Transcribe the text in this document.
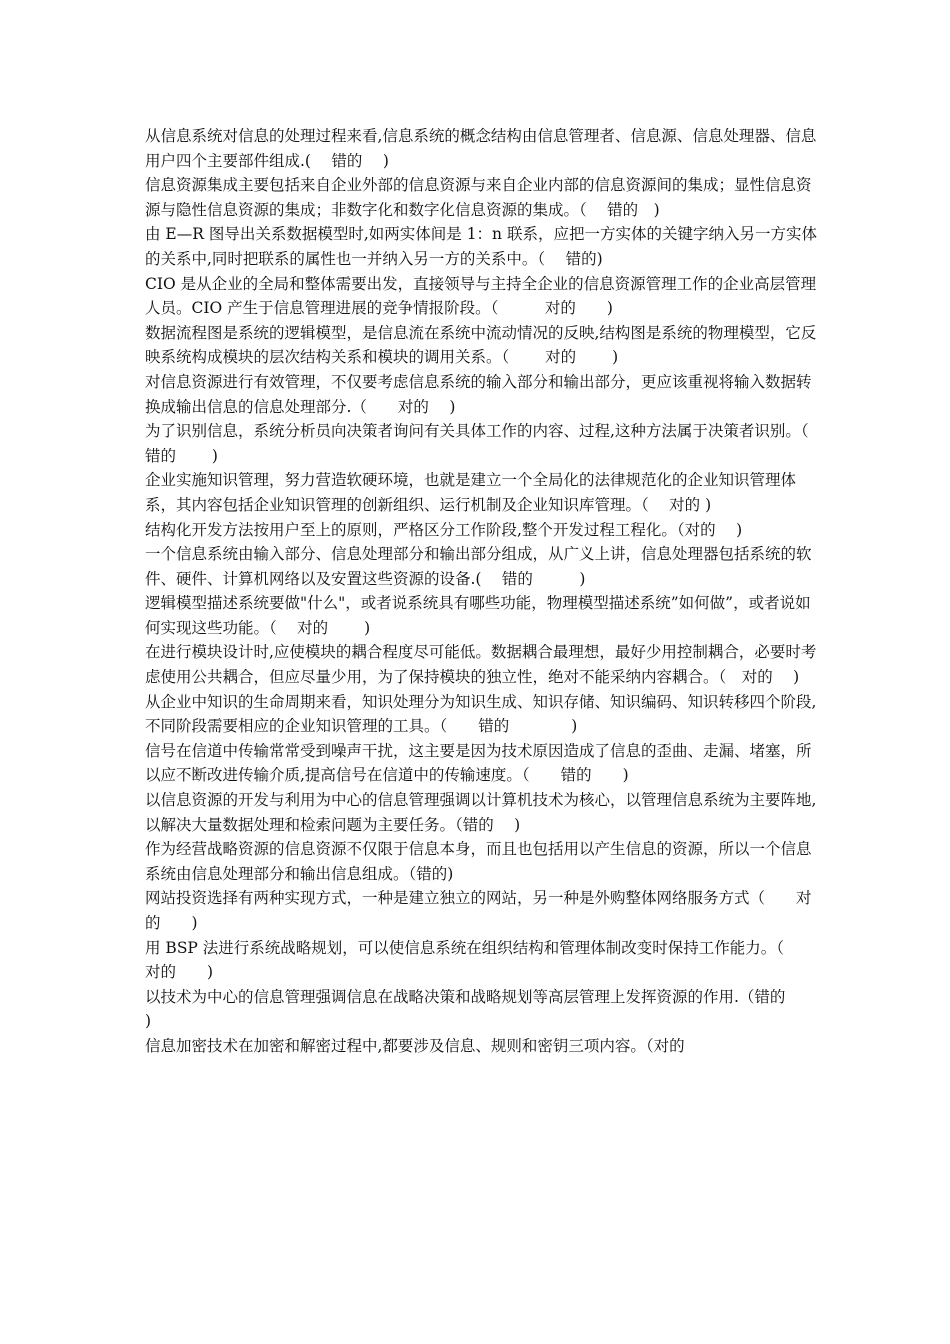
从信息系统对信息的处理过程来看,信息系统的概念结构由信息管理者、信息源、信息处理器、信息用户四个主要部件组成.(　 错的　 )

信息资源集成主要包括来自企业外部的信息资源与来自企业内部的信息资源间的集成；显性信息资源与隐性信息资源的集成；非数字化和数字化信息资源的集成。（　 错的　)

由 E—R 图导出关系数据模型时,如两实体间是 1：n 联系，应把一方实体的关键字纳入另一方实体的关系中,同时把联系的属性也一并纳入另一方的关系中。（　 错的)

CIO 是从企业的全局和整体需要出发，直接领导与主持全企业的信息资源管理工作的企业高层管理人员。CIO 产生于信息管理进展的竞争情报阶段。（　　　对的　　)

数据流程图是系统的逻辑模型，是信息流在系统中流动情况的反映,结构图是系统的物理模型，它反映系统构成模块的层次结构关系和模块的调用关系。（　　 对的　　 )

对信息资源进行有效管理，不仅要考虑信息系统的输入部分和输出部分，更应该重视将输入数据转换成输出信息的信息处理部分.（　　对的　 )

为了识别信息，系统分析员向决策者询问有关具体工作的内容、过程,这种方法属于决策者识别。（　 错的　　 )

企业实施知识管理，努力营造软硬环境，也就是建立一个全局化的法律规范化的企业知识管理体系，其内容包括企业知识管理的创新组织、运行机制及企业知识库管理。（　 对的 )

结构化开发方法按用户至上的原则，严格区分工作阶段,整个开发过程工程化。（对的　 )

一个信息系统由输入部分、信息处理部分和输出部分组成，从广义上讲，信息处理器包括系统的软件、硬件、计算机网络以及安置这些资源的设备.(　 错的　　　)

逻辑模型描述系统要做"什么"，或者说系统具有哪些功能，物理模型描述系统”如何做”，或者说如何实现这些功能。（　 对的　　 )

在进行模块设计时,应使模块的耦合程度尽可能低。数据耦合最理想，最好少用控制耦合，必要时考虑使用公共耦合，但应尽量少用，为了保持模块的独立性，绝对不能采纳内容耦合。（　对的　 )

从企业中知识的生命周期来看，知识处理分为知识生成、知识存储、知识编码、知识转移四个阶段,不同阶段需要相应的企业知识管理的工具。（　　错的　　　　)

信号在信道中传输常常受到噪声干扰，这主要是因为技术原因造成了信息的歪曲、走漏、堵塞，所以应不断改进传输介质,提高信号在信道中的传输速度。（　　错的　　)

以信息资源的开发与利用为中心的信息管理强调以计算机技术为核心，以管理信息系统为主要阵地,以解决大量数据处理和检索问题为主要任务。（错的　 )

作为经营战略资源的信息资源不仅限于信息本身，而且也包括用以产生信息的资源，所以一个信息系统由信息处理部分和输出信息组成。（错的)

网站投资选择有两种实现方式，一种是建立独立的网站，另一种是外购整体网络服务方式（　　对的　　)

用 BSP 法进行系统战略规划，可以使信息系统在组织结构和管理体制改变时保持工作能力。（　　　对的　　)

以技术为中心的信息管理强调信息在战略决策和战略规划等高层管理上发挥资源的作用.（错的　　　　)

信息加密技术在加密和解密过程中,都要涉及信息、规则和密钥三项内容。（对的
